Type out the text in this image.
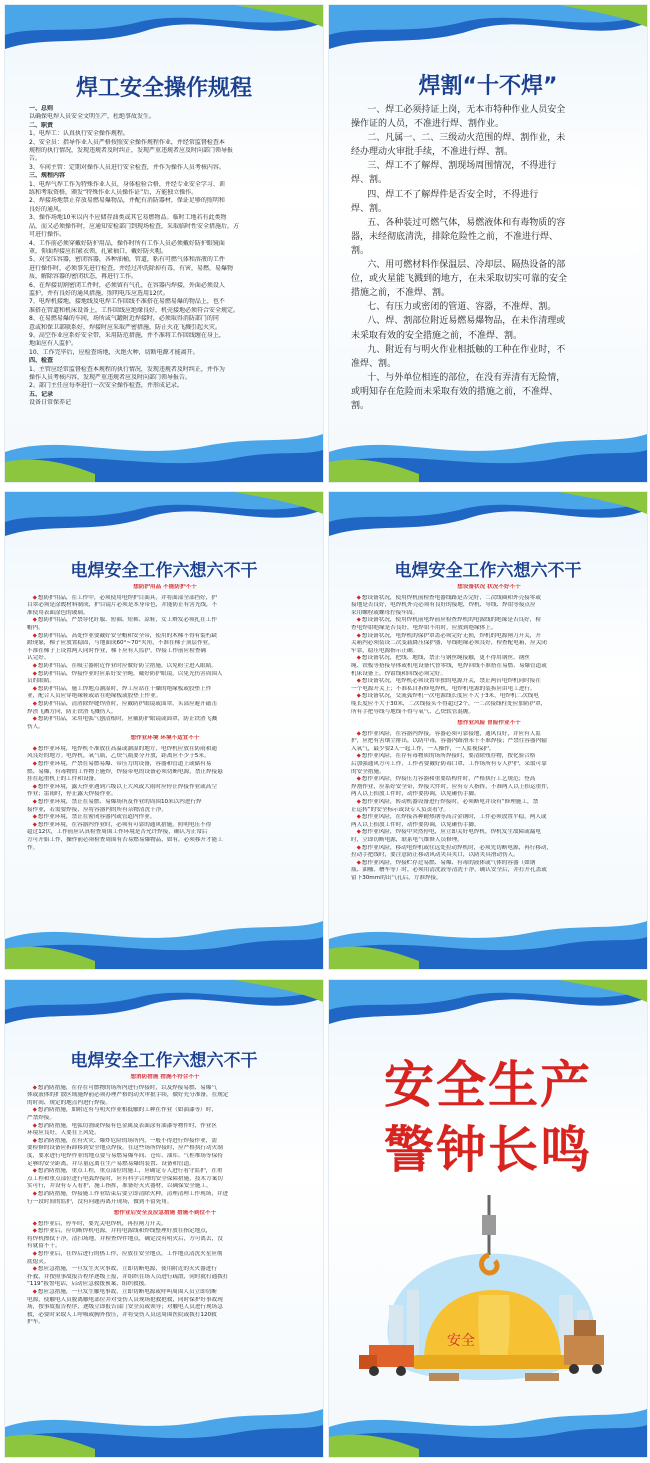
焊工安全操作规程
一、总则
以确保电焊人员安全文明生产，杜绝事故发生。
二、职责
1、电焊工：认真执行安全操作规程。
2、安全员：指导作业人员严格按照安全操作规程作业，并经常监督检查本
规程的执行情况，发现违规者及时纠正，发现严重违规者应及时向部门领导报
告。
3、车间主管：定期对操作人员进行安全检查，并作为操作人员考核内容。
三、规程内容
1、电焊气焊工作为特殊作业人员，身体检验合格，并经专业安全学习、训
练和考取资格，颁发“特殊作业人员操作证”后，方能独立操作。
2、焊接场地禁止存放易燃易爆物品，并配有消防器材，保证足够的照明和
良好的通风。
3、操作场地10米以内不应储存油类或其它易燃物品。临时工地若有此类物
品，而又必须操作时，应通知安检部门到现场检查，采取临时性安全措施后，方
可进行操作。
4、工作前必须穿戴好防护用品，操作时所有工作人员必须戴好防护眼镜面
罩，仰面焊接应扣紧衣领，扎紧袖口，戴好防火帽。
5、对受压容器，密闭容器，各种油桶，管道，粘有可燃气体和溶液的工件
进行操作时，必须事先进行检查，并经过冲洗除掉有毒，有害，易燃，易爆物
质，解除容器的密闭状态，再进行工作。
6、在焊接切割密闭工件时，必须留有气孔，在容器内焊接，外面必须设人
监护，并有良好的通风措施，照明电压应选用12伏。
7、电焊机接地，接地线及电焊工作回线不准搭在易燃易爆的物品上，也不
准搭在管道和机床设备上，工作回线应绝缘良好，机壳接地必须符合安全规定。
8、在易燃易爆的车间，场所或气罐附近焊接时，必须取得消防部门的同
意或和保卫部联系好，焊接时应采取严密措施，防止火花飞溅引起火灾。
9、高空作业应系好安全带，采用防范措施，并不准将工作回线缠在身上，
地面应有人监护。
10、工作完毕后，应检查场地，灭绝火种，切断电源才能离开。
四、检查
1、主管应经常监督检查本规程的执行情况，发现违规者及时纠正，并作为
操作人员考核内容，发现严重违规者应及时向部门领导报告。
2、部门主任应每季进行一次安全操作检查，并形成记录。
五、记录
设备日常保养记
焊割“十不焊”
一、焊工必须持证上岗，无本市特种作业人员安全
操作证的人员，不准进行焊、割作业。
二、凡属一、二、三级动火范围的焊、割作业，未
经办理动火审批手续，不准进行焊、割。
三、焊工不了解焊、割现场周围情况，不得进行
焊、割。
四、焊工不了解焊件是否安全时，不得进行
焊、割。
五、各种装过可燃气体，易燃液体和有毒物质的容
器，未经彻底清洗，排除危险性之前，不准进行焊、
割。
六、用可燃材料作保温层、冷却层、隔热设备的部
位，或火星能飞溅到的地方，在未采取切实可靠的安全
措施之前，不准焊、割。
七、有压力或密闭的管道、容器，不准焊、割。
八、焊、割部位附近易燃易爆物品，在未作清理或
未采取有效的安全措施之前，不准焊、割。
九、附近有与明火作业相抵触的工种在作业时，不
准焊、割。
十、与外单位相连的部位，在没有弄清有无险情，
或明知存在危险而未采取有效的措施之前，不准焊、
割。
电焊安全工作六想六不干
想防护用品 不能防护不干
◆ 想防护用品，在工作中，必须使用电焊护目面具，并将面部全部挡好，护
目罩必须是涂镀材料制成，护目镜片必须是本身带色，并能防止有害光线，不
准使用表面涂色的玻璃。
◆ 想防护用品，严禁穿化纤服、短袖、短裤、凉鞋，女工辫发必须扎在工作
帽内。
◆ 想防护用品，高处作业要戴好安全帽和安全带，使用的木梯不得有裂朽缺
蹬现象，梯子应放置稳固，与地面成60°~70°夹角，不准在梯子顶层作业，
不准在梯子上设置两人同时作业，梯下应有人监护，焊接工作前应检查确
认完好。
◆ 想防护用品，在吸尘器附近作业时应做好防尘措施，以免粉尘进入眼睛。
◆ 想防护用品，焊接作业时应系好安全绳，戴好防护眼镜，以免光伤害周围人
员的眼睛。
◆ 想防护用品，施工焊地点潮湿时，焊工应站在干燥的绝缘板或胶垫上作
业，配合人员应穿绝缘鞋或站在绝缘板或胶垫上作业。
◆ 想防护用品，清渣除焊缝焊渣时，应戴防护眼镜或面罩，头部应避开敲击
焊渣飞溅方向，防止铁渣飞溅伤人。
◆ 想防护用品，采用电弧气刨清根时，应戴防护眼镜或面罩，防止铁渣飞溅
伤人。
想作业环境 环境不适宜不干
◆ 想作业环境，电焊机不准放在高温或潮湿的地方，电焊机应放在防雨和通
风良好的地方。电焊机，氧气瓶，乙炔气瓶要分开放，距离应不少于5米。
◆ 想作业环境，严禁在易燃易爆、带压力的设备，容器和管道上或储有易
燃、易爆，有毒物的工作物上施焊，焊接带电的设备必须切断电源，禁止焊接悬
挂在起重机上的工件和设备。
◆ 想作业环境，露天作业遇到六级以上大风或大雨时应停止焊接作业或高空
作业；雷雨时，停止露天焊接作业。
◆ 想作业环境，禁止在易燃、易爆场所及作业的周围10米以内进行焊
接作业，若需要焊接，应将容器内的所有杂物清洗干净。
◆ 想作业环境，禁止在密闭容器内或管道内作业。
◆ 想作业环境，在容器内作业时，必须有可靠的通风措施，照明电压不得
超过12伏，工作前应认真检查周围工作环境是否允许焊接，确认为正常后
方可开始工作，操作前必须检查周围有否易燃易爆物品，如有，必须移开才能工
作。
电焊安全工作六想六不干
想设备状况 状况不好不干
◆ 想设备状况，使用焊机前检查电器线路是否完好，二次线圈和外壳接零或
接地是否良好，电焊机外壳必须有良好的接地，焊机、导线、焊钳等接点应
采用螺栓或螺母拧接牢固。
◆ 想设备状况，使用焊机前电焊前应检查焊机的电源线的绝缘是否良好，检
查电焊钳绝缘是否良好，电焊钳不用时，应放到绝缘体上。
◆ 想设备状况，电焊机的保护罩盖必须完好无损，焊机的电源闸刀开关，开
关箱内必须装设二次变载降压保护器，导线绝缘必须良好，检查配电箱，应关闭
牢靠，稳压电源指示正确。
◆ 想设备状况，把线、地线，禁止与钢丝绳接触，更不得用钢丝、钢丝
绳、铁板等搭接导体或机电设备代替零线，电焊回线不准搭在易燃、易爆管道或
机床设备上，焊钳线和回线必须完好。
◆ 想设备状况，电焊机必须设置单独的电源开关，禁止两台电焊机同时接在
一个电源开关上；不准私自拆修电焊机，电焊机电源的装拆应由电工进行。
◆ 想设备状况，交流弧焊机一次电源线长度应不大于3米，电焊机二次线电
缆长度应不大于30米，二次线接头不得超过2个，一二次接线柱处应加防护罩，
所有手把导线与地线不得与氧气、乙炔软管混缠。
想作业风险 冒险作业不干
◆ 想作业风险，在容器内焊接，容器必须可靠接地，通风良好，并应有人监
护，应把有害烟尘排出，以防中毒，容器内路滑未干不准焊接；严禁往容器内输
入氧气，最少要2人一起工作，一人操作，一人监视保护。
◆ 想作业风险，在存有毒物质的场所焊接时，要清除残存物，按化验合格
后加强通风方可工作，工作者要戴好防毒口罩，工作场所有专人护护，采取可靠
的安全措施。
◆ 想作业风险，焊接压力容器和重要结构件时，严格执行工艺规范；登高
焊割作业，应系好安全带，焊接大件时，应有专人指挥，不准两人以上抬运重件，
两人以上抬放工件时，动作要协调，以免砸伤手脚。
◆ 想作业风险，转动机器设备进行焊接时，必须断电并设有“修理施工，禁
止运转”的安全标示或设专人负责看守。
◆ 想作业风险，在焊接各种耐热钢等高合金钢时，工件必须放置平稳，两人或
两人以上抬放工件时，动作要协调，以免砸伤手脚。
◆ 想作业风险，焊接中突然停电，应立即关好电焊机，焊机发生故障或漏电
时，立即切断电源，联系电气维修人员修理。
◆ 想作业风险，移动电焊机或往远处拉动焊机时，必须先切断电源，再行移动，
拉动手把线时，要注意防止移动风动夹具夹口，以防夹具滑动伤人。
◆ 想作业风险，焊接贮存过易燃、易爆、有毒的液体或气体的容器（如钢
瓶、油桶、槽车等）时，必须用清洗液等清洗干净，确认安全后，并打开孔盖或
留下30mm的出气孔后，方准焊接。
电焊安全工作六想六不干
想消防措施 措施不符合不干
◆ 想消防措施，在存在可燃物的场所内进行焊接时，以及焊接易燃、易爆气
体或液体的扩散区域施焊前必须办理严格的动火审批手续，做好充分准备，在规定
的时间、规定的地点内进行焊接。
◆ 想消防措施，如附近有与明火作业相抵触的工种在作业（如油漆等）时，
严禁焊接。
◆ 想消防措施，电弧切割或焊接有色金属及表面涂有油漆等物件时，作业区
环境应良好，人要在上风处。
◆ 想消防措施，在有火灾、爆炸危险的场所内，一般不得进行焊接作业，需
要检修的设备应拆卸移到安全地点焊接，在这些场所焊接时，应严格执行动火制
度，要求进行电焊作业的地点要与易燃易爆车间、仓库、油库、气柜堆场等保持
足够的安全距离，并尽量远离在生产易燃易爆的装置、设备和管道。
◆ 想消防措施，重点工程，重点部位的施工，应确定专人进行看守监护，在重
点工程和重点部位进行电弧焊接时，应有科学合理的安全保障措施，技术方案切
实可行，并设有专人看护，施工指挥，准备好灭火器材，以确保安全施工。
◆ 想消防措施，焊接施工作业结束后要立即清除火种，清理清理工作现场，并进
行一段时间的监护，没有问题再离开现场，做到不留死角。
想作业后安全及应急措施 措施不到位不干
◆ 想作业后，停车时，要先关电焊机，再拉闸刀开关。
◆ 想作业后，应切断焊机电源，并将电源线和焊线整理好放在指定地点，
将焊机擦拭干净，清扫场地，并检查焊件地点，确定没有明火后，方可离去，没
有就留不干。
◆ 想作业后，在焊后进行的热工作，应放在安全地点，工作地点清洗火星应彻
底熄灭。
◆ 想应急措施，一旦发生火灾事故，立即切断电源，使用附近的灭火器进行
扑救，并按照事故报告程序逐级上报，并组织在场人员进行疏散，同时就打通拨打
“119”报警电话，启动应急救援预案，组织救援。
◆ 想应急措施，一旦发生触电事故，立即切断电源或呼叫周围人员立即切断
电源，使触电人员脱离触电部位并对受伤人员现场抢救抢救，同时保护好事故现
场，按事故报告程序，逐级立即报告部门安全员或领导；对触电人员进行现场急
救，必要时采取人工呼吸或胸外按压，并将受伤人员送周围医院或拨打120救
护车。
安全生产
警钟长鸣
安全
